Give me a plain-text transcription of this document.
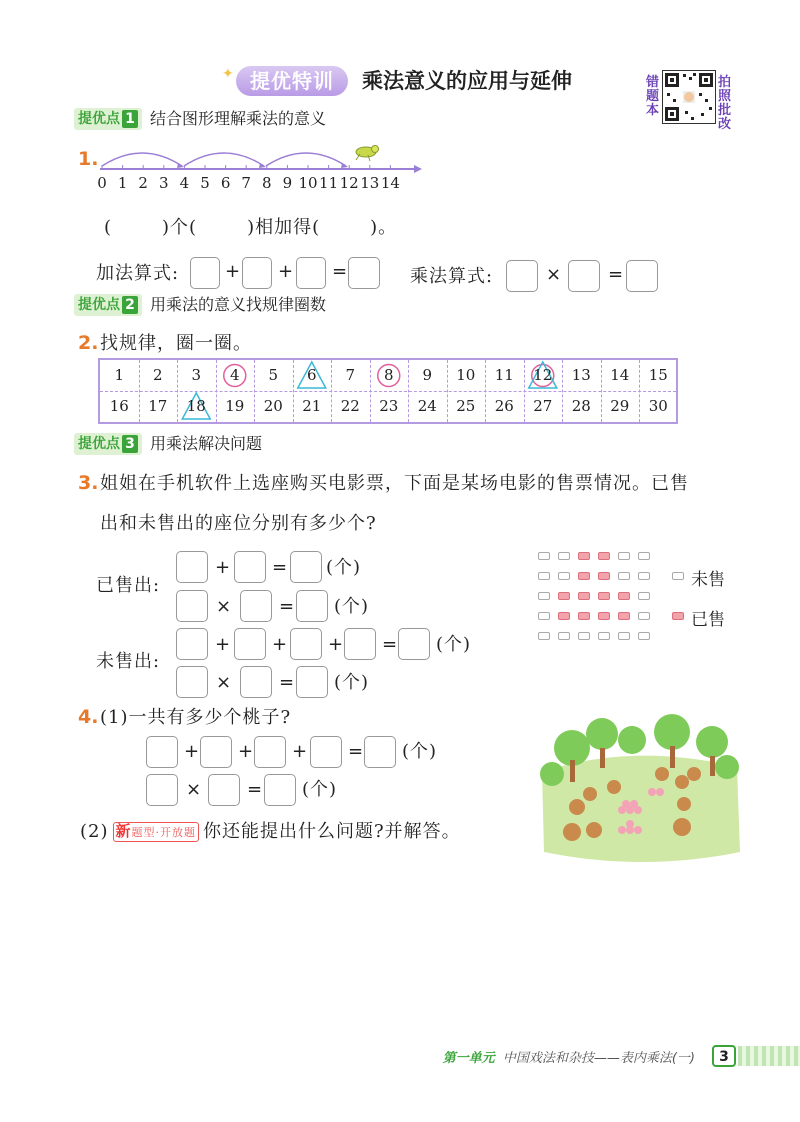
✦ 提优特训	乘法意义的应用与延伸	错题本
拍照批改
提优点 1 结合图形理解乘法的意义
1.
0 1 2 3 4 5 6 7 8 9 10 11 12 13 14
(	)个(	)相加得(	)。
加法算式:	+ + =	乘法算式:	×	=
提优点 2 用乘法的意义找规律圈数
2. 找规律，圈一圈。
1	2	3	4	5	6	7	8	9	10	11	12	13	14	15
16	17	18	19	20	21	22	23	24	25	26	27	28	29	30
提优点 3 用乘法解决问题
3. 姐姐在手机软件上选座购买电影票，下面是某场电影的售票情况。已售
出和未售出的座位分别有多少个?
已售出:
+ = (个)
×	= (个)
未售出:
+ + + = (个)
×	= (个)
未售
已售
4. (1)一共有多少个桃子?
+ + + = (个)
×	= (个)
(2) 新题型·开放题 你还能提出什么问题?并解答。
第一单元 中国戏法和杂技——表内乘法(一)	3
